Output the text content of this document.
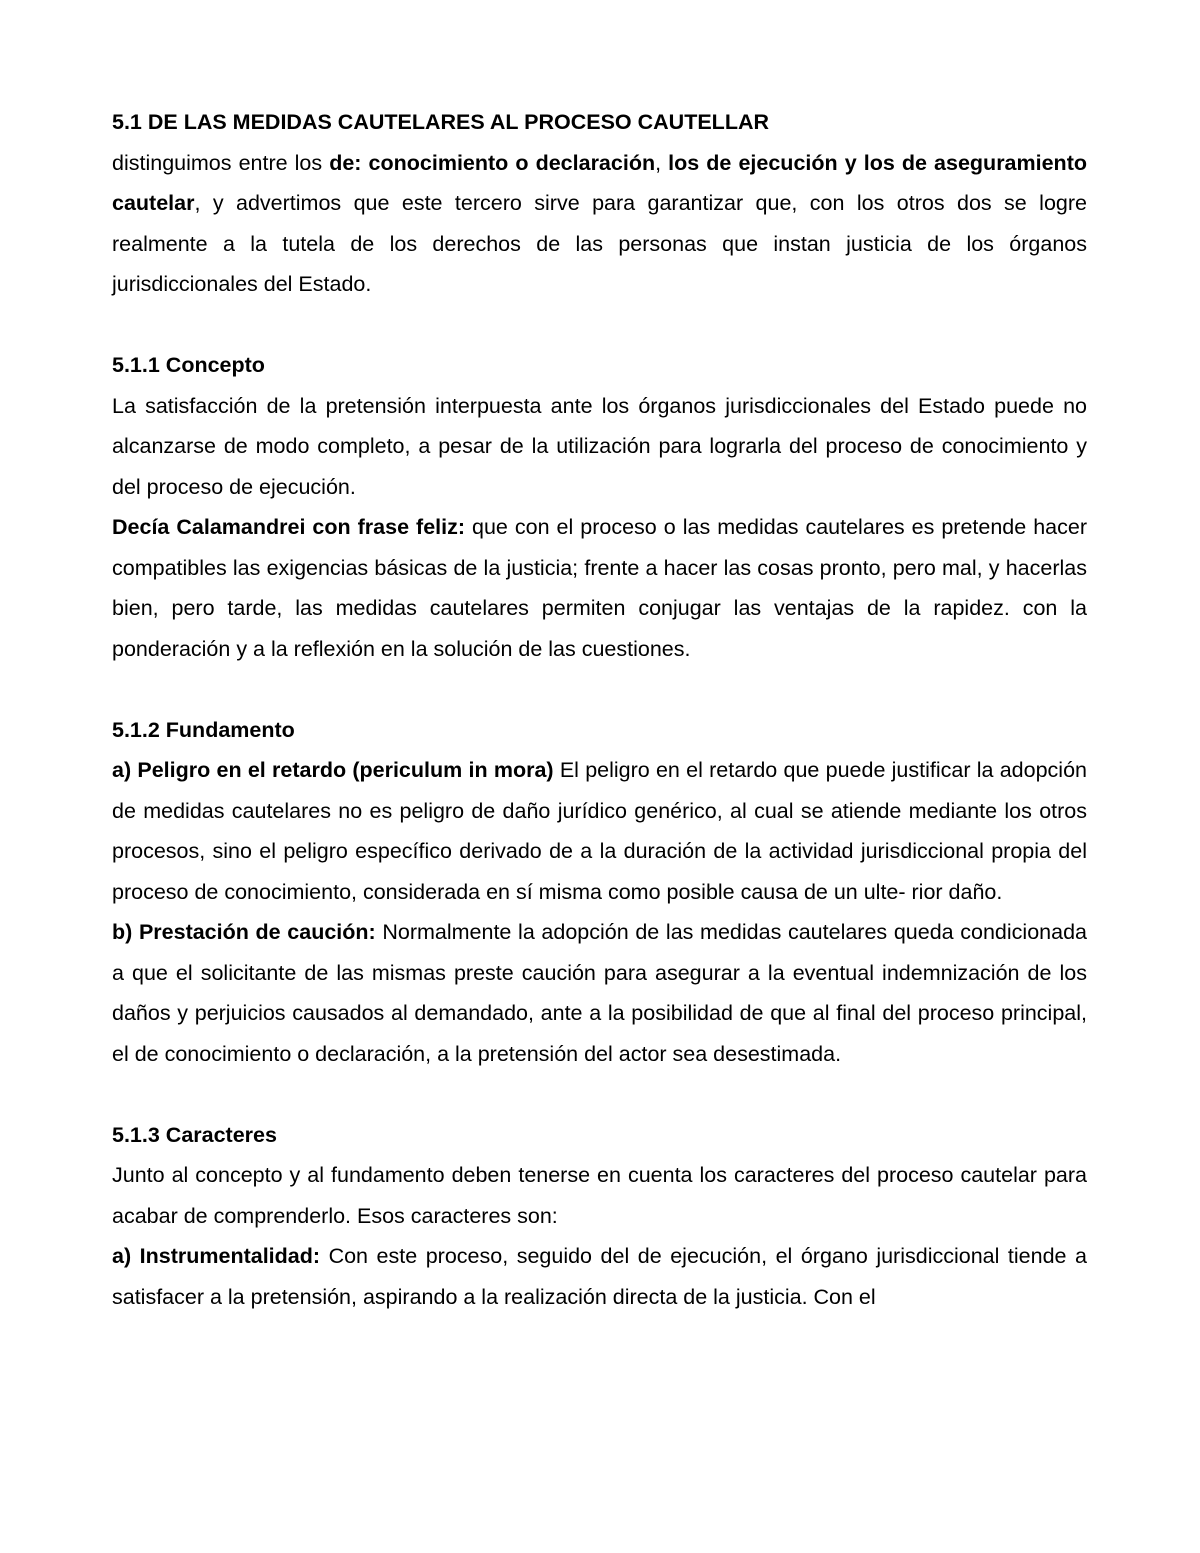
5.1 DE LAS MEDIDAS CAUTELARES AL PROCESO CAUTELLAR

distinguimos entre los de: conocimiento o declaración, los de ejecución y los de aseguramiento cautelar, y advertimos que este tercero sirve para garantizar que, con los otros dos se logre realmente a la tutela de los derechos de las personas que instan justicia de los órganos jurisdiccionales del Estado.

5.1.1 Concepto

La satisfacción de la pretensión interpuesta ante los órganos jurisdiccionales del Estado puede no alcanzarse de modo completo, a pesar de la utilización para lograrla del proceso de conocimiento y del proceso de ejecución.

Decía Calamandrei con frase feliz: que con el proceso o las medidas cautelares es pretende hacer compatibles las exigencias básicas de la justicia; frente a hacer las cosas pronto, pero mal, y hacerlas bien, pero tarde, las medidas cautelares permiten conjugar las ventajas de la rapidez. con la ponderación y a la reflexión en la solución de las cuestiones.

5.1.2 Fundamento

a) Peligro en el retardo (periculum in mora) El peligro en el retardo que puede justificar la adopción de medidas cautelares no es peligro de daño jurídico genérico, al cual se atiende mediante los otros procesos, sino el peligro específico derivado de a la duración de la actividad jurisdiccional propia del proceso de conocimiento, considerada en sí misma como posible causa de un ulte- rior daño.

b) Prestación de caución: Normalmente la adopción de las medidas cautelares queda condicionada a que el solicitante de las mismas preste caución para asegurar a la eventual indemnización de los daños y perjuicios causados al demandado, ante a la posibilidad de que al final del proceso principal, el de conocimiento o declaración, a la pretensión del actor sea desestimada.

5.1.3 Caracteres

Junto al concepto y al fundamento deben tenerse en cuenta los caracteres del proceso cautelar para acabar de comprenderlo. Esos caracteres son:

a) Instrumentalidad: Con este proceso, seguido del de ejecución, el órgano jurisdiccional tiende a satisfacer a la pretensión, aspirando a la realización directa de la justicia. Con el
